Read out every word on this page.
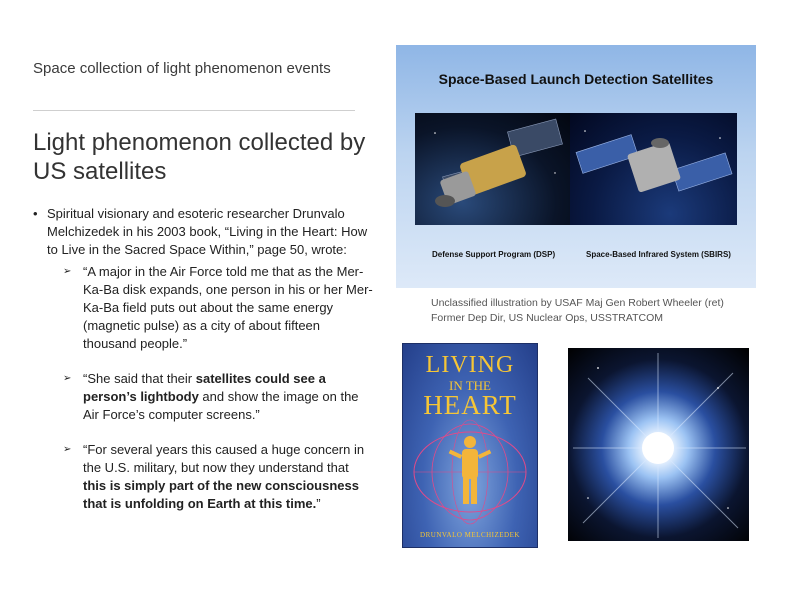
Space collection of light phenomenon events
Light phenomenon collected by US satellites
• Spiritual visionary and esoteric researcher Drunvalo Melchizedek in his 2003 book, “Living in the Heart: How to Live in the Sacred Space Within,” page 50, wrote:
➢ “A major in the Air Force told me that as the Mer-Ka-Ba disk expands, one person in his or her Mer-Ka-Ba field puts out about the same energy (magnetic pulse) as a city of about fifteen thousand people.”
➢ “She said that their satellites could see a person’s lightbody and show the image on the Air Force’s computer screens.”
➢ “For several years this caused a huge concern in the U.S. military, but now they understand that this is simply part of the new consciousness that is unfolding on Earth at this time.”
Space-Based Launch Detection Satellites
Defense Support Program (DSP)	Space-Based Infrared System (SBIRS)
Unclassified illustration by USAF Maj Gen Robert Wheeler (ret)
Former Dep Dir, US Nuclear Ops, USSTRATCOM
LIVING
IN THE
HEART
DRUNVALO MELCHIZEDEK
